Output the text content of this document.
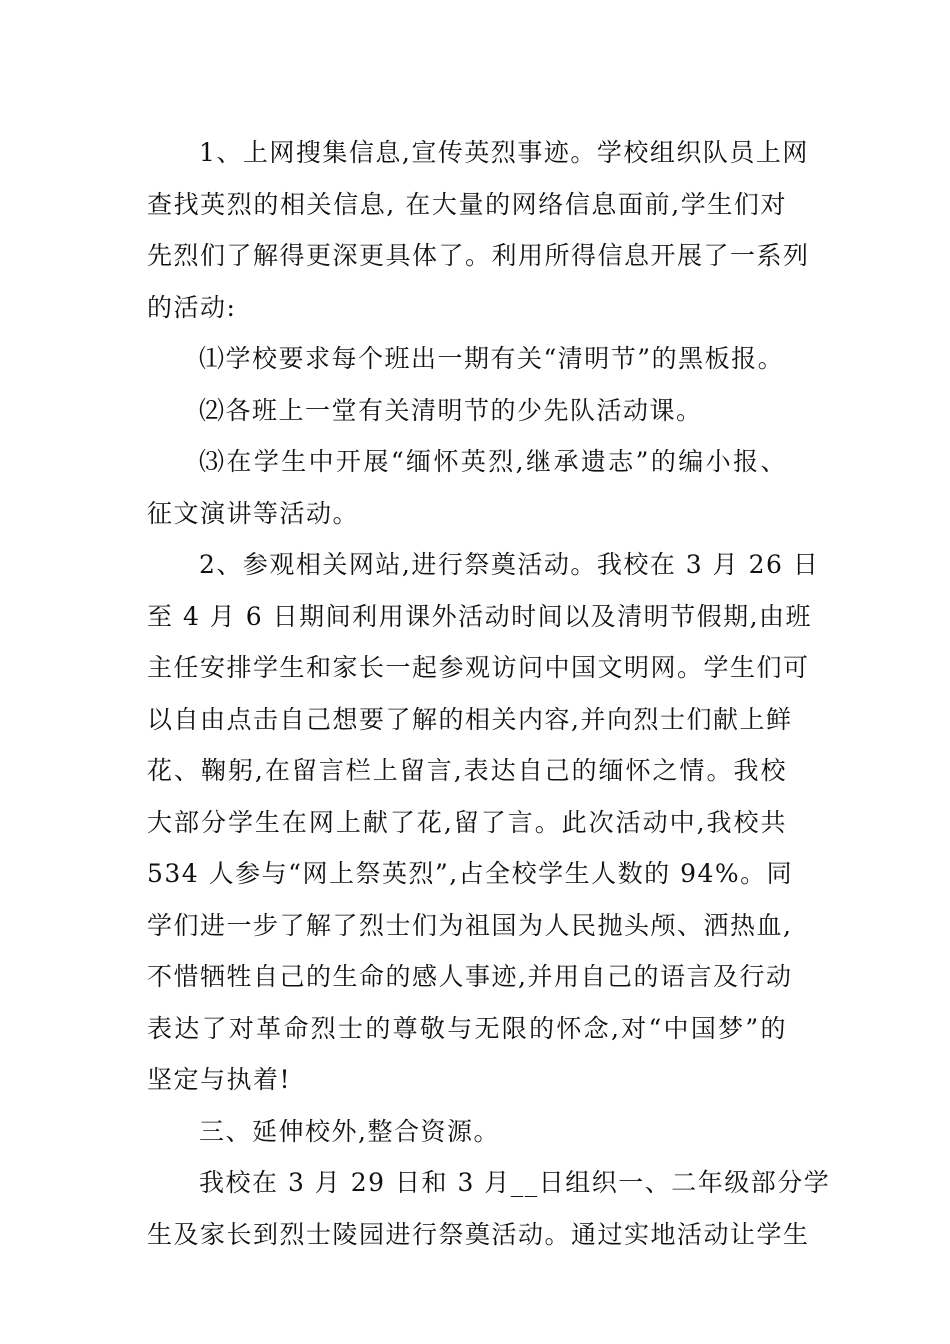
1、上网搜集信息,宣传英烈事迹。学校组织队员上网
查找英烈的相关信息, 在大量的网络信息面前,学生们对
先烈们了解得更深更具体了。利用所得信息开展了一系列
的活动:
⑴学校要求每个班出一期有关“清明节”的黑板报。
⑵各班上一堂有关清明节的少先队活动课。
⑶在学生中开展“缅怀英烈,继承遗志”的编小报、
征文演讲等活动。
2、参观相关网站,进行祭奠活动。我校在 3 月 26 日
至 4 月 6 日期间利用课外活动时间以及清明节假期,由班
主任安排学生和家长一起参观访问中国文明网。学生们可
以自由点击自己想要了解的相关内容,并向烈士们献上鲜
花、鞠躬,在留言栏上留言,表达自己的缅怀之情。我校
大部分学生在网上献了花,留了言。此次活动中,我校共
534 人参与“网上祭英烈”,占全校学生人数的 94%。同
学们进一步了解了烈士们为祖国为人民抛头颅、洒热血,
不惜牺牲自己的生命的感人事迹,并用自己的语言及行动
表达了对革命烈士的尊敬与无限的怀念,对“中国梦”的
坚定与执着!
三、延伸校外,整合资源。
我校在 3 月 29 日和 3 月__日组织一、二年级部分学
生及家长到烈士陵园进行祭奠活动。通过实地活动让学生
